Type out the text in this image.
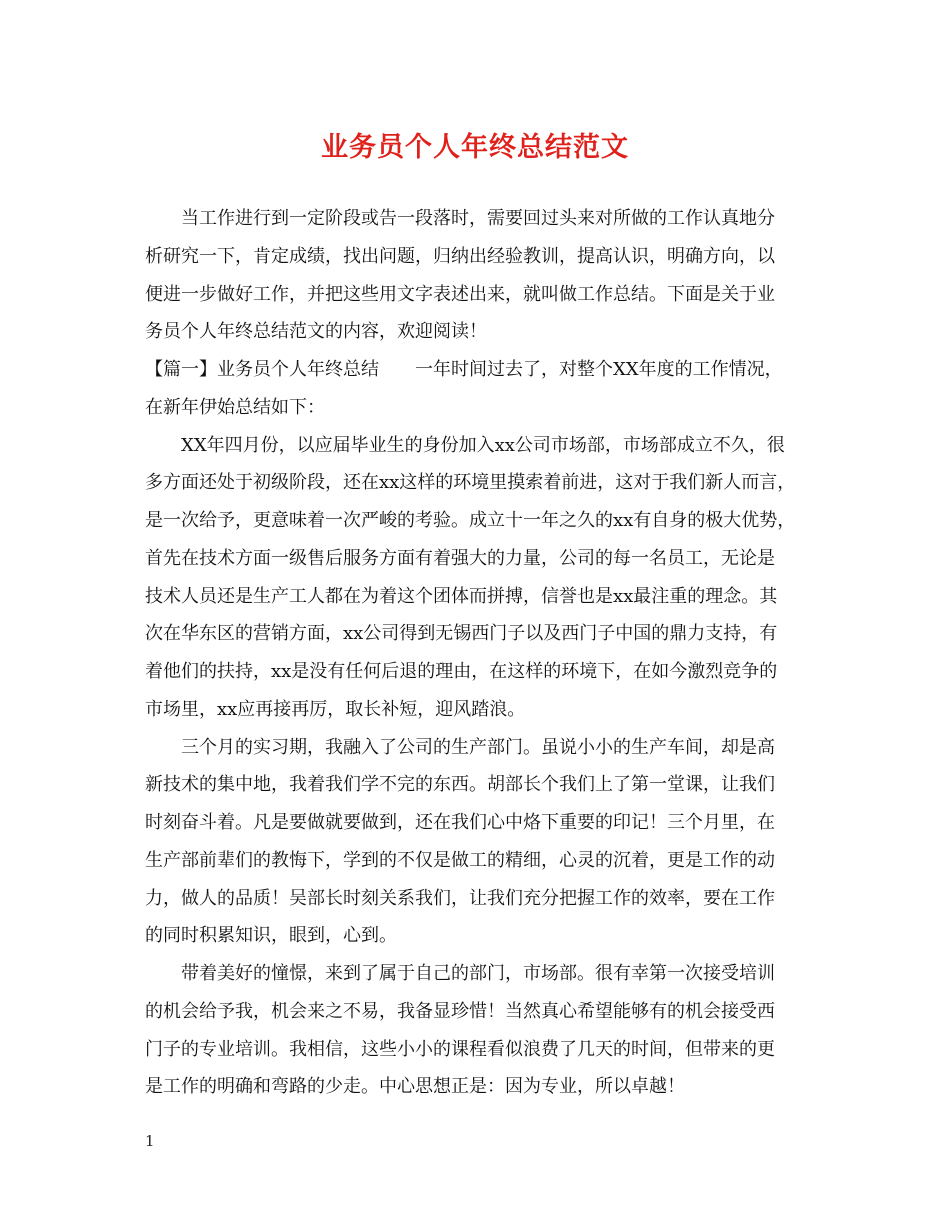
业务员个人年终总结范文
当工作进行到一定阶段或告一段落时，需要回过头来对所做的工作认真地分
析研究一下，肯定成绩，找出问题，归纳出经验教训，提高认识，明确方向，以
便进一步做好工作，并把这些用文字表述出来，就叫做工作总结。下面是关于业
务员个人年终总结范文的内容，欢迎阅读！
【篇一】业务员个人年终总结　　一年时间过去了，对整个XX年度的工作情况，
在新年伊始总结如下：
XX年四月份，以应届毕业生的身份加入xx公司市场部，市场部成立不久，很
多方面还处于初级阶段，还在xx这样的环境里摸索着前进，这对于我们新人而言，
是一次给予，更意味着一次严峻的考验。成立十一年之久的xx有自身的极大优势，
首先在技术方面一级售后服务方面有着强大的力量，公司的每一名员工，无论是
技术人员还是生产工人都在为着这个团体而拼搏，信誉也是xx最注重的理念。其
次在华东区的营销方面，xx公司得到无锡西门子以及西门子中国的鼎力支持，有
着他们的扶持，xx是没有任何后退的理由，在这样的环境下，在如今激烈竞争的
市场里，xx应再接再厉，取长补短，迎风踏浪。
三个月的实习期，我融入了公司的生产部门。虽说小小的生产车间，却是高
新技术的集中地，我着我们学不完的东西。胡部长个我们上了第一堂课，让我们
时刻奋斗着。凡是要做就要做到，还在我们心中烙下重要的印记！三个月里，在
生产部前辈们的教悔下，学到的不仅是做工的精细，心灵的沉着，更是工作的动
力，做人的品质！吴部长时刻关系我们，让我们充分把握工作的效率，要在工作
的同时积累知识，眼到，心到。
带着美好的憧憬，来到了属于自己的部门，市场部。很有幸第一次接受培训
的机会给予我，机会来之不易，我备显珍惜！当然真心希望能够有的机会接受西
门子的专业培训。我相信，这些小小的课程看似浪费了几天的时间，但带来的更
是工作的明确和弯路的少走。中心思想正是：因为专业，所以卓越！
1
